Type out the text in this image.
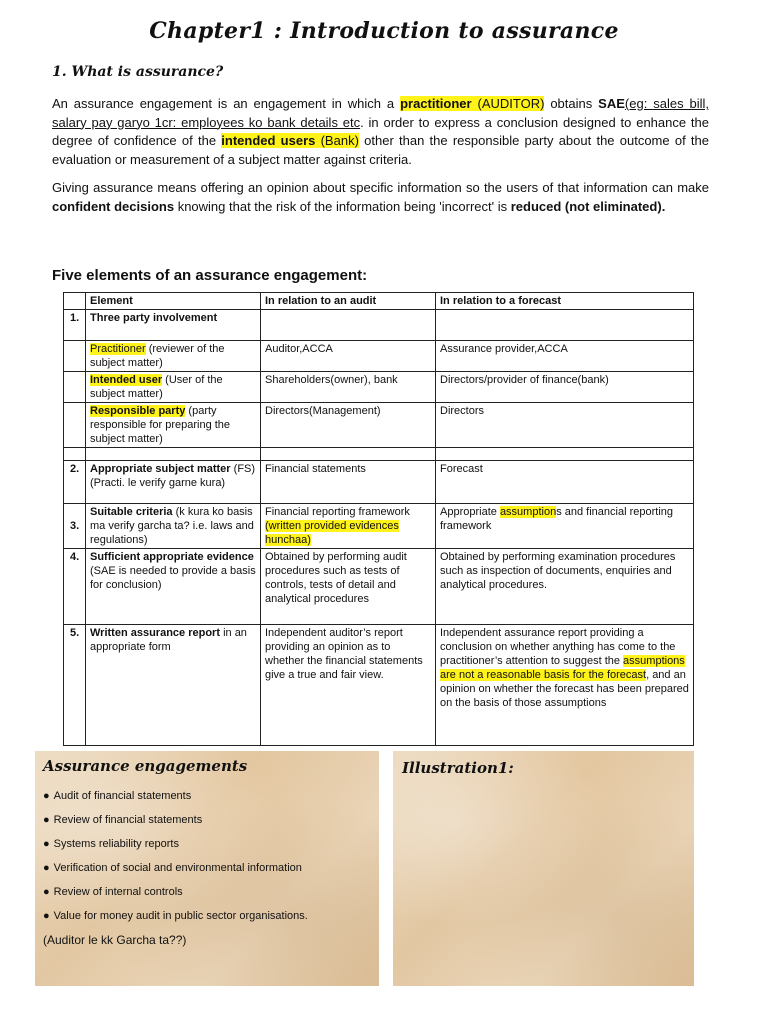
Chapter1 : Introduction to assurance
1. What is assurance?
An assurance engagement is an engagement in which a practitioner (AUDITOR) obtains SAE(eg: sales bill, salary pay garyo 1cr: employees ko bank details etc. in order to express a conclusion designed to enhance the degree of confidence of the intended users (Bank) other than the responsible party about the outcome of the evaluation or measurement of a subject matter against criteria.
Giving assurance means offering an opinion about specific information so the users of that information can make confident decisions knowing that the risk of the information being 'incorrect' is reduced (not eliminated).
Five elements of an assurance engagement:
	Element	In relation to an audit	In relation to a forecast
1.	Three party involvement		
	Practitioner (reviewer of the subject matter)	Auditor,ACCA	Assurance provider,ACCA
	Intended user (User of the subject matter)	Shareholders(owner), bank	Directors/provider of finance(bank)
	Responsible party (party responsible for preparing the subject matter)	Directors(Management)	Directors

2.	Appropriate subject matter (FS) (Practi. le verify garne kura)	Financial statements	Forecast
3.	Suitable criteria (k kura ko basis ma verify garcha ta? i.e. laws and regulations)	Financial reporting framework (written provided evidences hunchaa)	Appropriate assumptions and financial reporting framework
4.	Sufficient appropriate evidence (SAE is needed to provide a basis for conclusion)	Obtained by performing audit procedures such as tests of controls, tests of detail and analytical procedures	Obtained by performing examination procedures such as inspection of documents, enquiries and analytical procedures.
5.	Written assurance report in an appropriate form	Independent auditor’s report providing an opinion as to whether the financial statements give a true and fair view.	Independent assurance report providing a conclusion on whether anything has come to the practitioner’s attention to suggest the assumptions are not a reasonable basis for the forecast, and an opinion on whether the forecast has been prepared on the basis of those assumptions
Assurance engagements
● Audit of financial statements
● Review of financial statements
● Systems reliability reports
● Verification of social and environmental information
● Review of internal controls
● Value for money audit in public sector organisations.
(Auditor le kk Garcha ta??)
Illustration1:
